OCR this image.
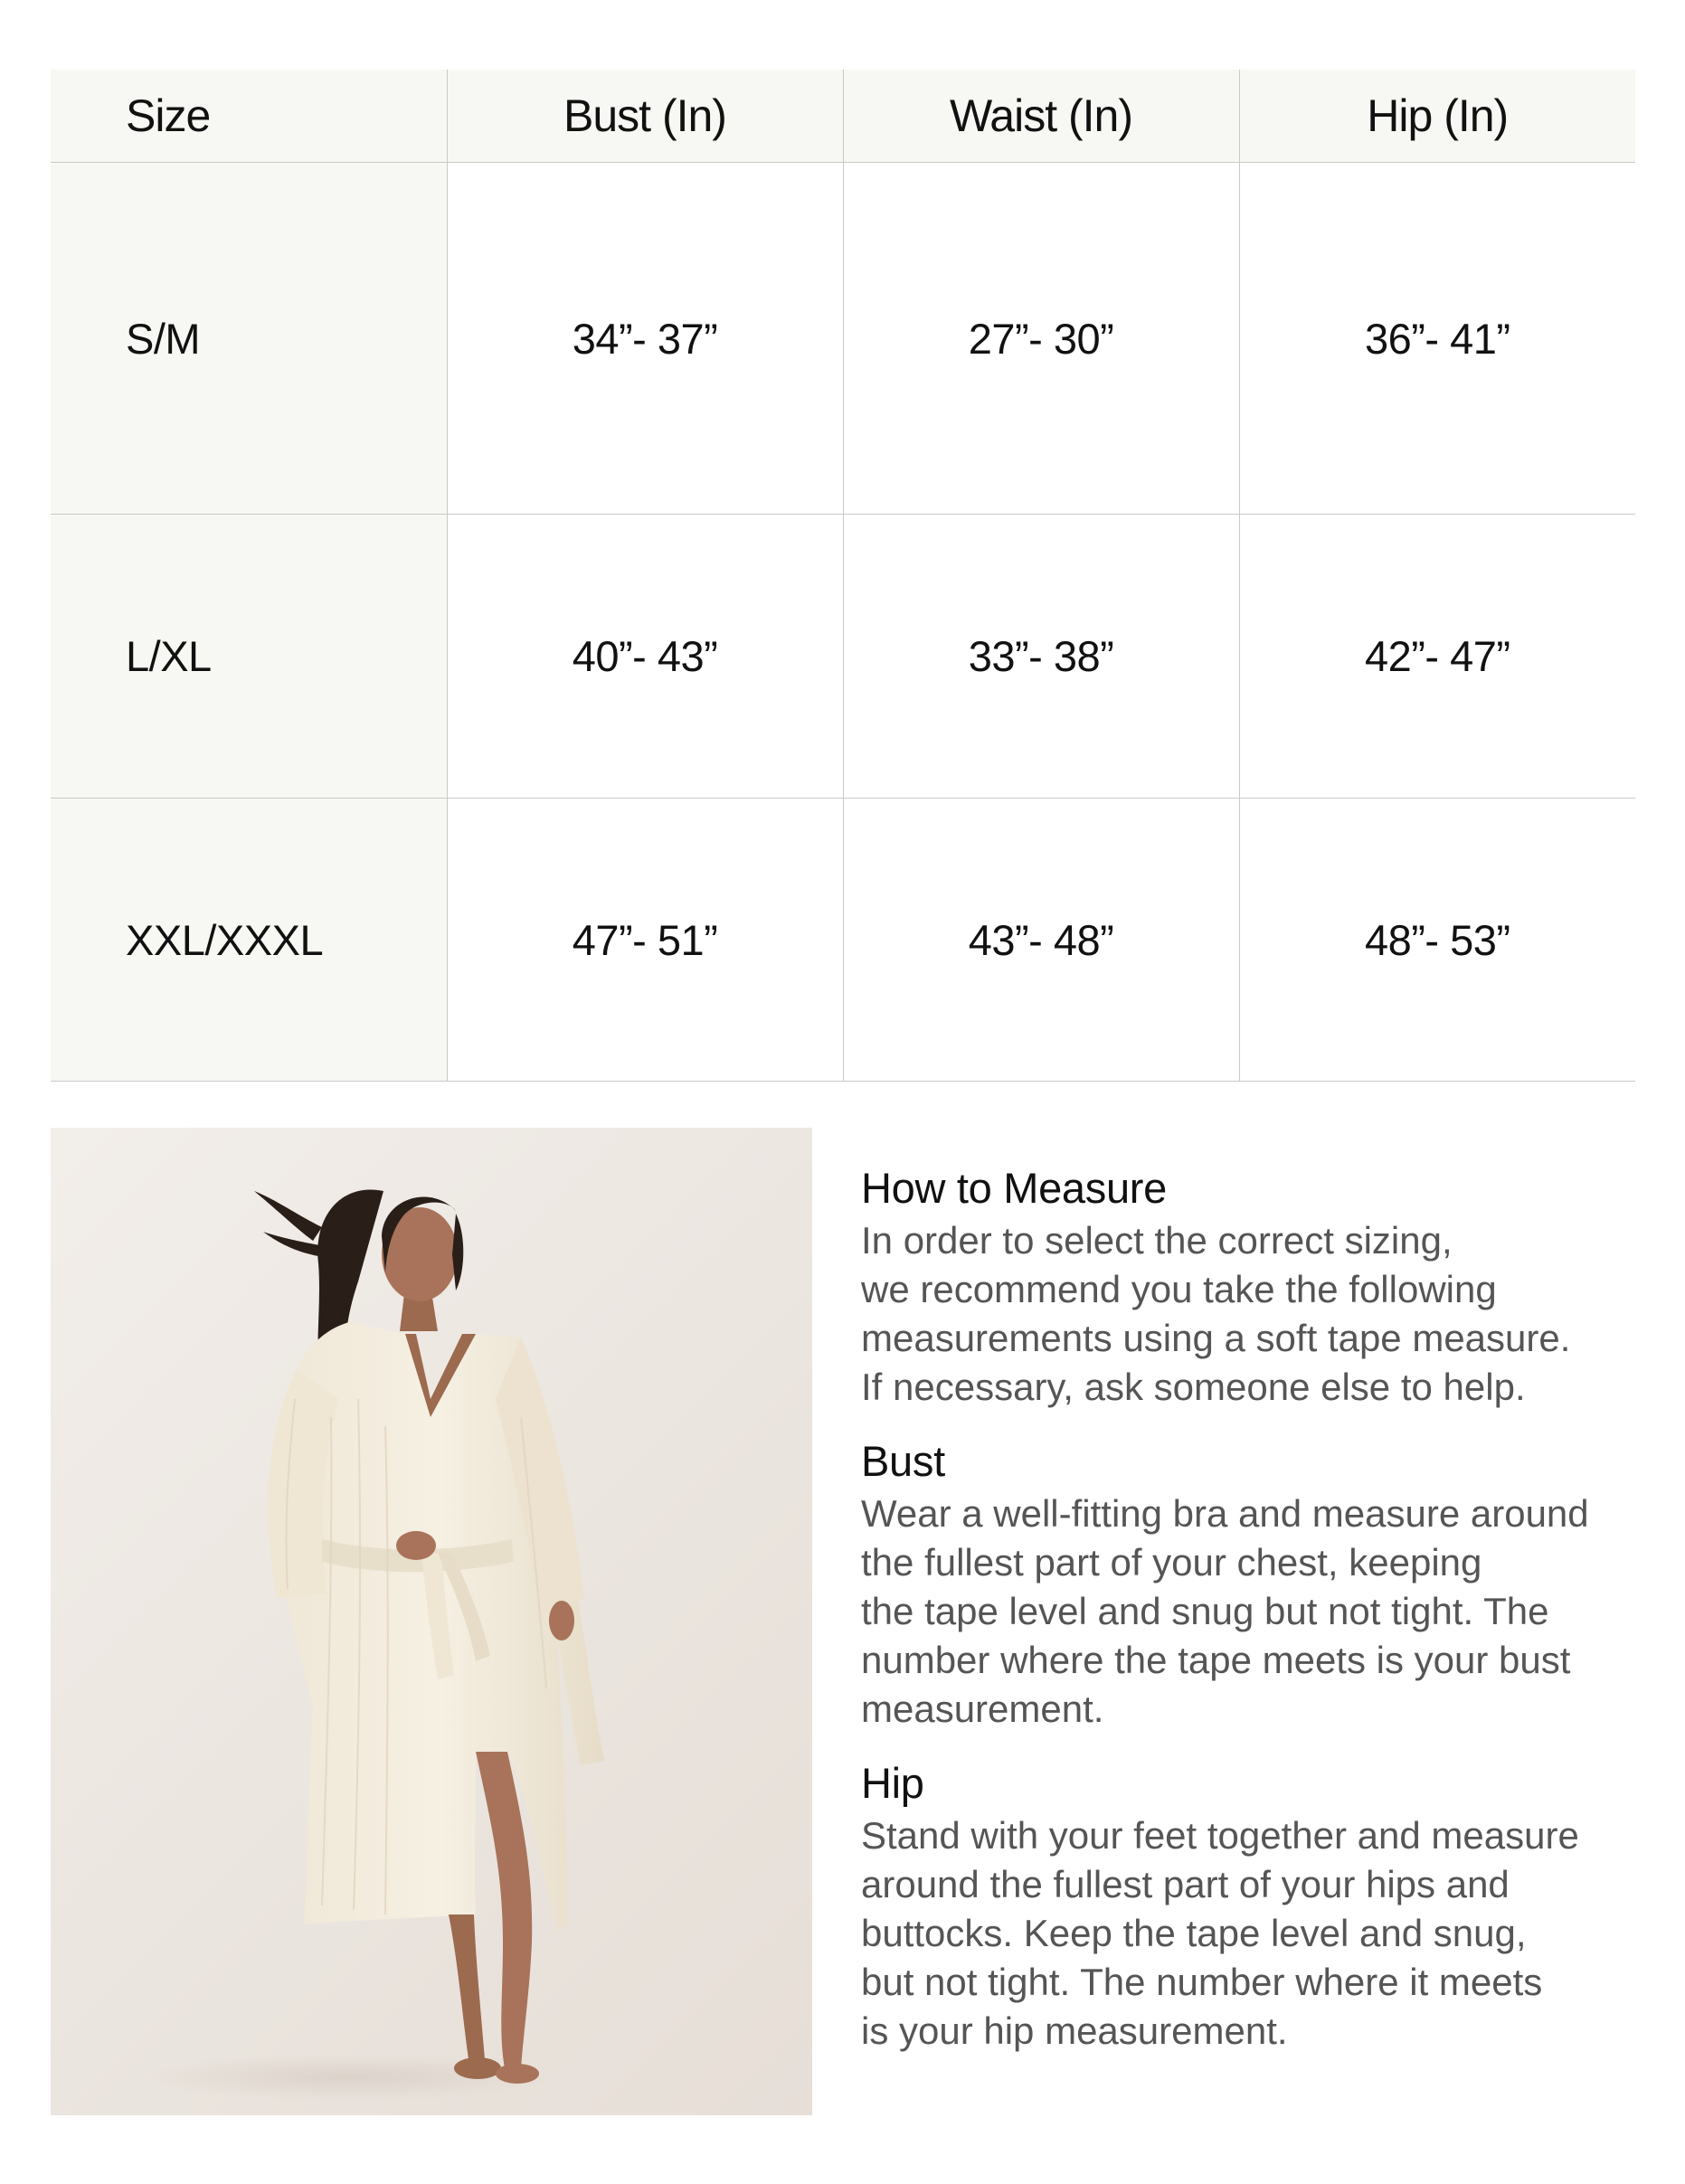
Size	Bust (In)	Waist (In)	Hip (In)
S/M	34”- 37”	27”- 30”	36”- 41”
L/XL	40”- 43”	33”- 38”	42”- 47”
XXL/XXXL	47”- 51”	43”- 48”	48”- 53”
How to Measure

In order to select the correct sizing,
we recommend you take the following
measurements using a soft tape measure.
If necessary, ask someone else to help.

Bust

Wear a well-fitting bra and measure around
the fullest part of your chest, keeping
the tape level and snug but not tight. The
number where the tape meets is your bust
measurement.

Hip

Stand with your feet together and measure
around the fullest part of your hips and
buttocks. Keep the tape level and snug,
but not tight. The number where it meets
is your hip measurement.
